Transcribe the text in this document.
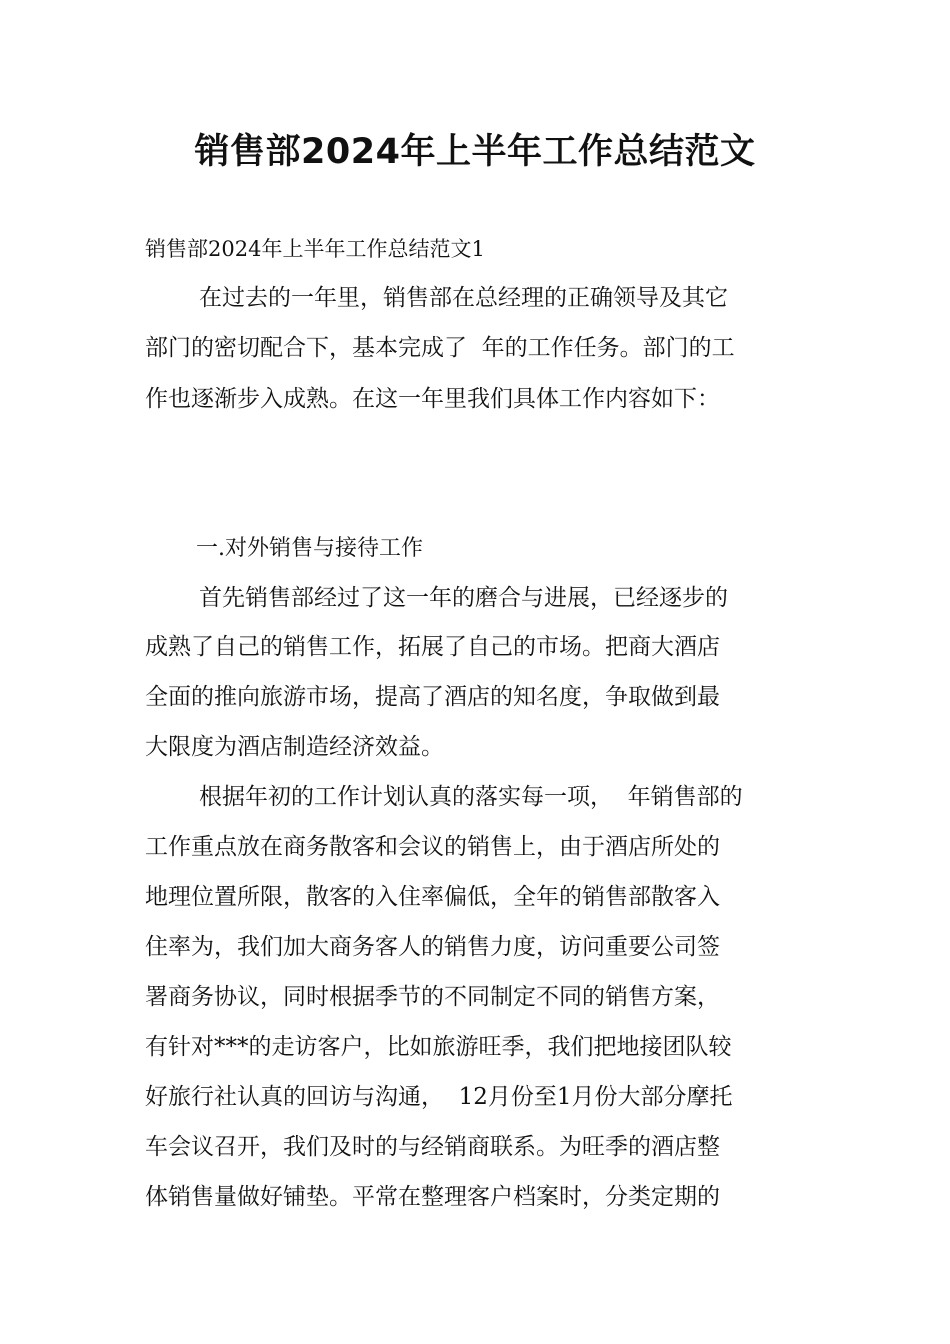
销售部2024年上半年工作总结范文

销售部2024年上半年工作总结范文1

在过去的一年里，销售部在总经理的正确领导及其它

部门的密切配合下，基本完成了  年的工作任务。部门的工

作也逐渐步入成熟。在这一年里我们具体工作内容如下：

一.对外销售与接待工作

首先销售部经过了这一年的磨合与进展，已经逐步的

成熟了自己的销售工作，拓展了自己的市场。把商大酒店

全面的推向旅游市场，提高了酒店的知名度，争取做到最

大限度为酒店制造经济效益。

根据年初的工作计划认真的落实每一项，  年销售部的

工作重点放在商务散客和会议的销售上，由于酒店所处的

地理位置所限，散客的入住率偏低，全年的销售部散客入

住率为，我们加大商务客人的销售力度，访问重要公司签

署商务协议，同时根据季节的不同制定不同的销售方案，

有针对***的走访客户，比如旅游旺季，我们把地接团队较

好旅行社认真的回访与沟通，  12月份至1月份大部分摩托

车会议召开，我们及时的与经销商联系。为旺季的酒店整

体销售量做好铺垫。平常在整理客户档案时，分类定期的
